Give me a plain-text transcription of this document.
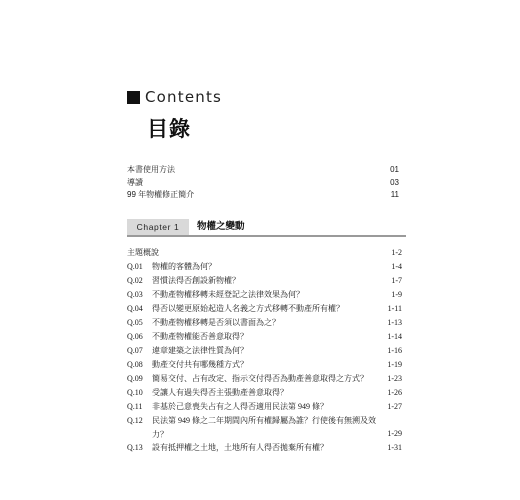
Contents
目錄
本書使用方法	01
導讀	03
99 年物權修正簡介	11
Chapter 1	物權之變動
主題概說	1-2
Q.01 物權的客體為何？	1-4
Q.02 習慣法得否創設新物權？	1-7
Q.03 不動產物權移轉未經登記之法律效果為何？	1-9
Q.04 得否以變更原始起造人名義之方式移轉不動產所有權？	1-11
Q.05 不動產物權移轉是否須以書面為之？	1-13
Q.06 不動產物權能否善意取得？	1-14
Q.07 違章建築之法律性質為何？	1-16
Q.08 動產交付共有哪幾種方式？	1-19
Q.09 簡易交付、占有改定、指示交付得否為動產善意取得之方式？	1-23
Q.10 受讓人有過失得否主張動產善意取得？	1-26
Q.11 非基於己意喪失占有之人得否適用民法第 949 條？	1-27
Q.12 民法第 949 條之二年期間內所有權歸屬為誰？行使後有無溯及效力？	1-29
Q.13 設有抵押權之土地，土地所有人得否拋棄所有權？	1-31
